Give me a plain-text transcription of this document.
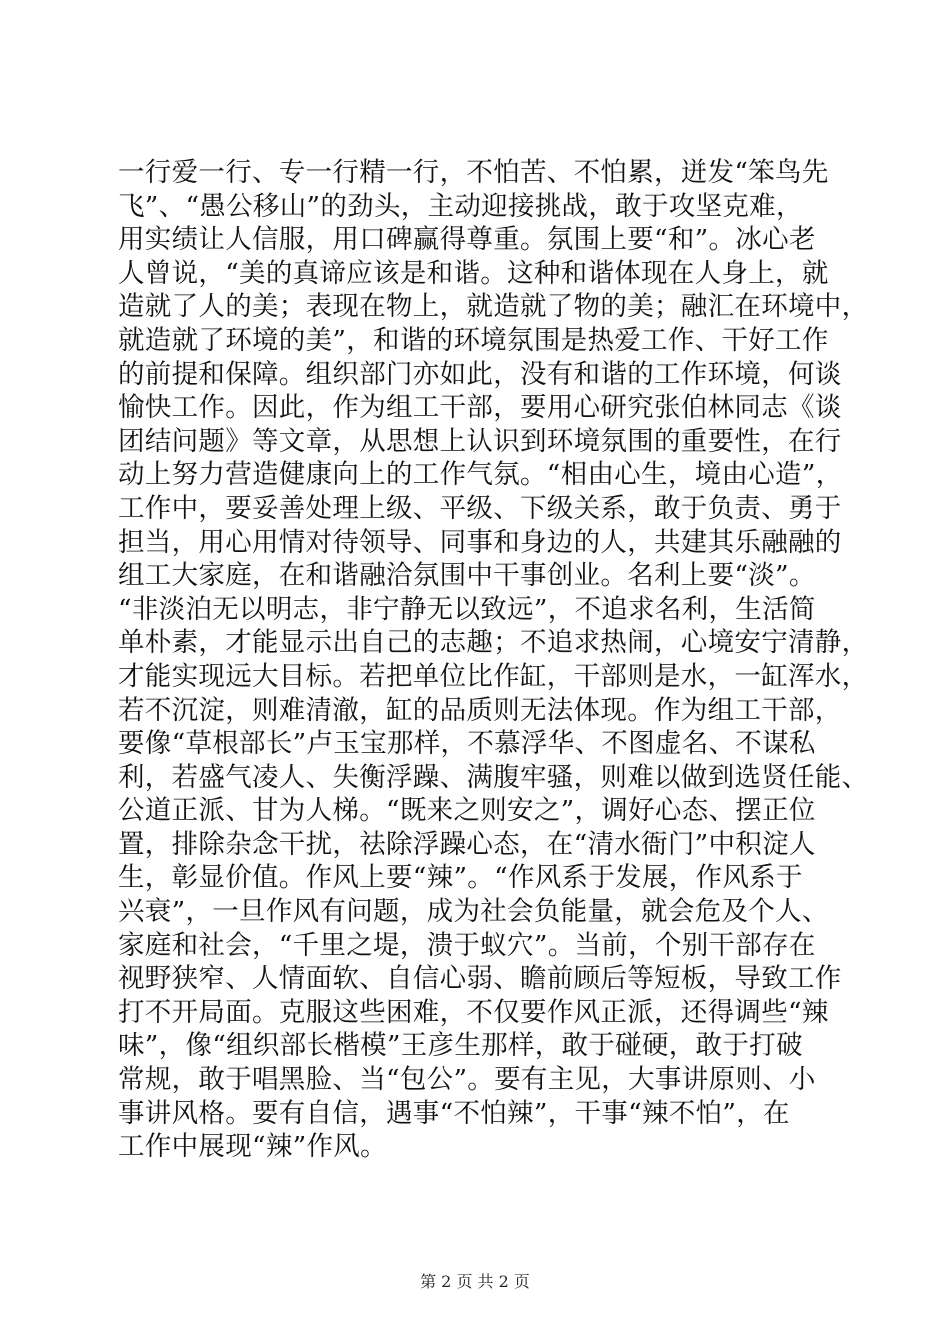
一行爱一行、专一行精一行，不怕苦、不怕累，迸发“笨鸟先
飞”、“愚公移山”的劲头，主动迎接挑战，敢于攻坚克难，
用实绩让人信服，用口碑赢得尊重。氛围上要“和”。冰心老
人曾说，“美的真谛应该是和谐。这种和谐体现在人身上，就
造就了人的美；表现在物上，就造就了物的美；融汇在环境中，
就造就了环境的美”，和谐的环境氛围是热爱工作、干好工作
的前提和保障。组织部门亦如此，没有和谐的工作环境，何谈
愉快工作。因此，作为组工干部，要用心研究张伯林同志《谈
团结问题》等文章，从思想上认识到环境氛围的重要性，在行
动上努力营造健康向上的工作气氛。“相由心生，境由心造”，
工作中，要妥善处理上级、平级、下级关系，敢于负责、勇于
担当，用心用情对待领导、同事和身边的人，共建其乐融融的
组工大家庭，在和谐融洽氛围中干事创业。名利上要“淡”。
“非淡泊无以明志，非宁静无以致远”，不追求名利，生活简
单朴素，才能显示出自己的志趣；不追求热闹，心境安宁清静，
才能实现远大目标。若把单位比作缸，干部则是水，一缸浑水，
若不沉淀，则难清澈，缸的品质则无法体现。作为组工干部，
要像“草根部长”卢玉宝那样，不慕浮华、不图虚名、不谋私
利，若盛气凌人、失衡浮躁、满腹牢骚，则难以做到选贤任能、
公道正派、甘为人梯。“既来之则安之”，调好心态、摆正位
置，排除杂念干扰，祛除浮躁心态，在“清水衙门”中积淀人
生，彰显价值。作风上要“辣”。“作风系于发展，作风系于
兴衰”，一旦作风有问题，成为社会负能量，就会危及个人、
家庭和社会，“千里之堤，溃于蚁穴”。当前，个别干部存在
视野狭窄、人情面软、自信心弱、瞻前顾后等短板，导致工作
打不开局面。克服这些困难，不仅要作风正派，还得调些“辣
味”，像“组织部长楷模”王彦生那样，敢于碰硬，敢于打破
常规，敢于唱黑脸、当“包公”。要有主见，大事讲原则、小
事讲风格。要有自信，遇事“不怕辣”，干事“辣不怕”，在
工作中展现“辣”作风。
第 2 页 共 2 页
